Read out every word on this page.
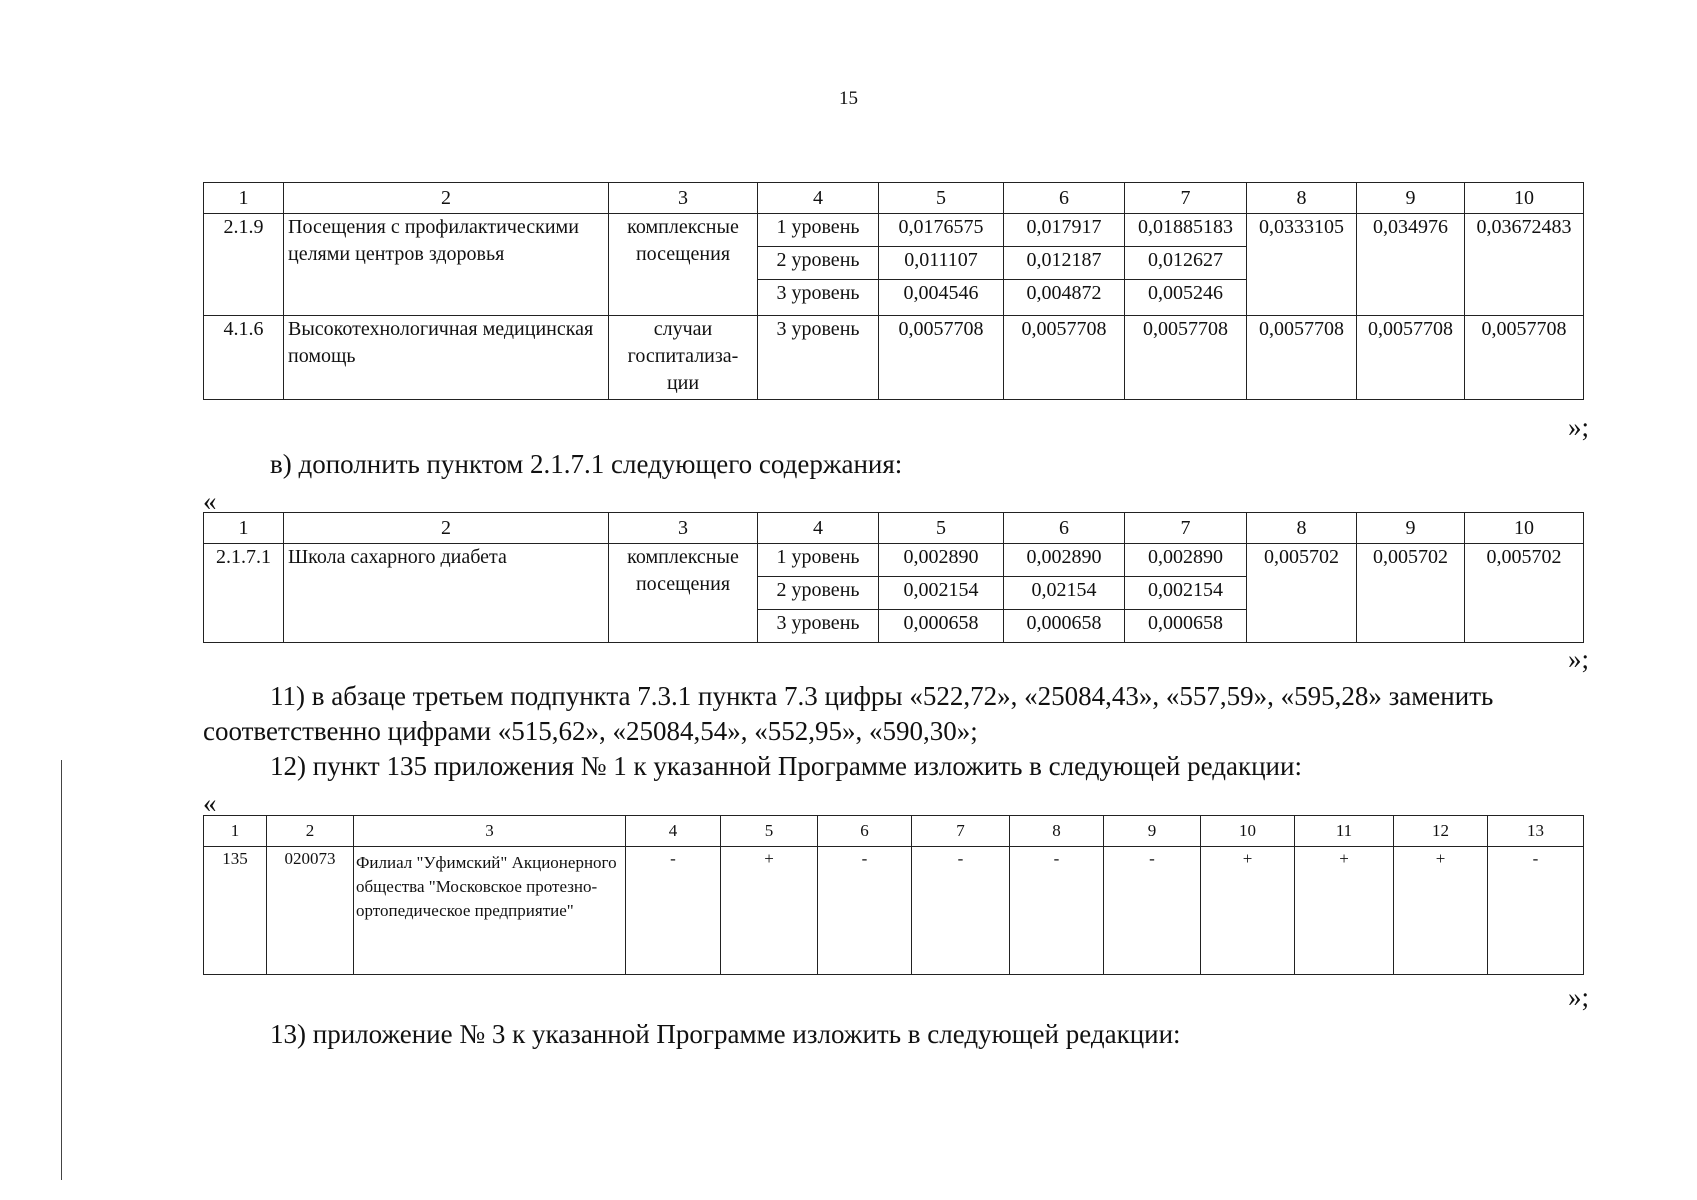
15
1	2	3	4	5	6	7	8	9	10
2.1.9	Посещения с профилактическими целями центров здоровья	комплексные посещения	1 уровень	0,0176575	0,017917	0,01885183	0,0333105	0,034976	0,03672483
			2 уровень	0,011107	0,012187	0,012627			
			3 уровень	0,004546	0,004872	0,005246			
4.1.6	Высокотехнологичная медицинская помощь	случаи госпитализа-ции	3 уровень	0,0057708	0,0057708	0,0057708	0,0057708	0,0057708	0,0057708
»;
в) дополнить пунктом 2.1.7.1 следующего содержания:
«
1	2	3	4	5	6	7	8	9	10
2.1.7.1	Школа сахарного диабета	комплексные посещения	1 уровень	0,002890	0,002890	0,002890	0,005702	0,005702	0,005702
			2 уровень	0,002154	0,02154	0,002154			
			3 уровень	0,000658	0,000658	0,000658			
»;
11) в абзаце третьем подпункта 7.3.1 пункта 7.3 цифры «522,72», «25084,43», «557,59», «595,28» заменить
соответственно цифрами «515,62», «25084,54», «552,95», «590,30»;
12) пункт 135 приложения № 1 к указанной Программе изложить в следующей редакции:
«
1	2	3	4	5	6	7	8	9	10	11	12	13
135	020073	Филиал "Уфимский" Акционерного общества "Московское протезно-ортопедическое предприятие"	-	+	-	-	-	-	+	+	+	-
»;
13) приложение № 3 к указанной Программе изложить в следующей редакции:
